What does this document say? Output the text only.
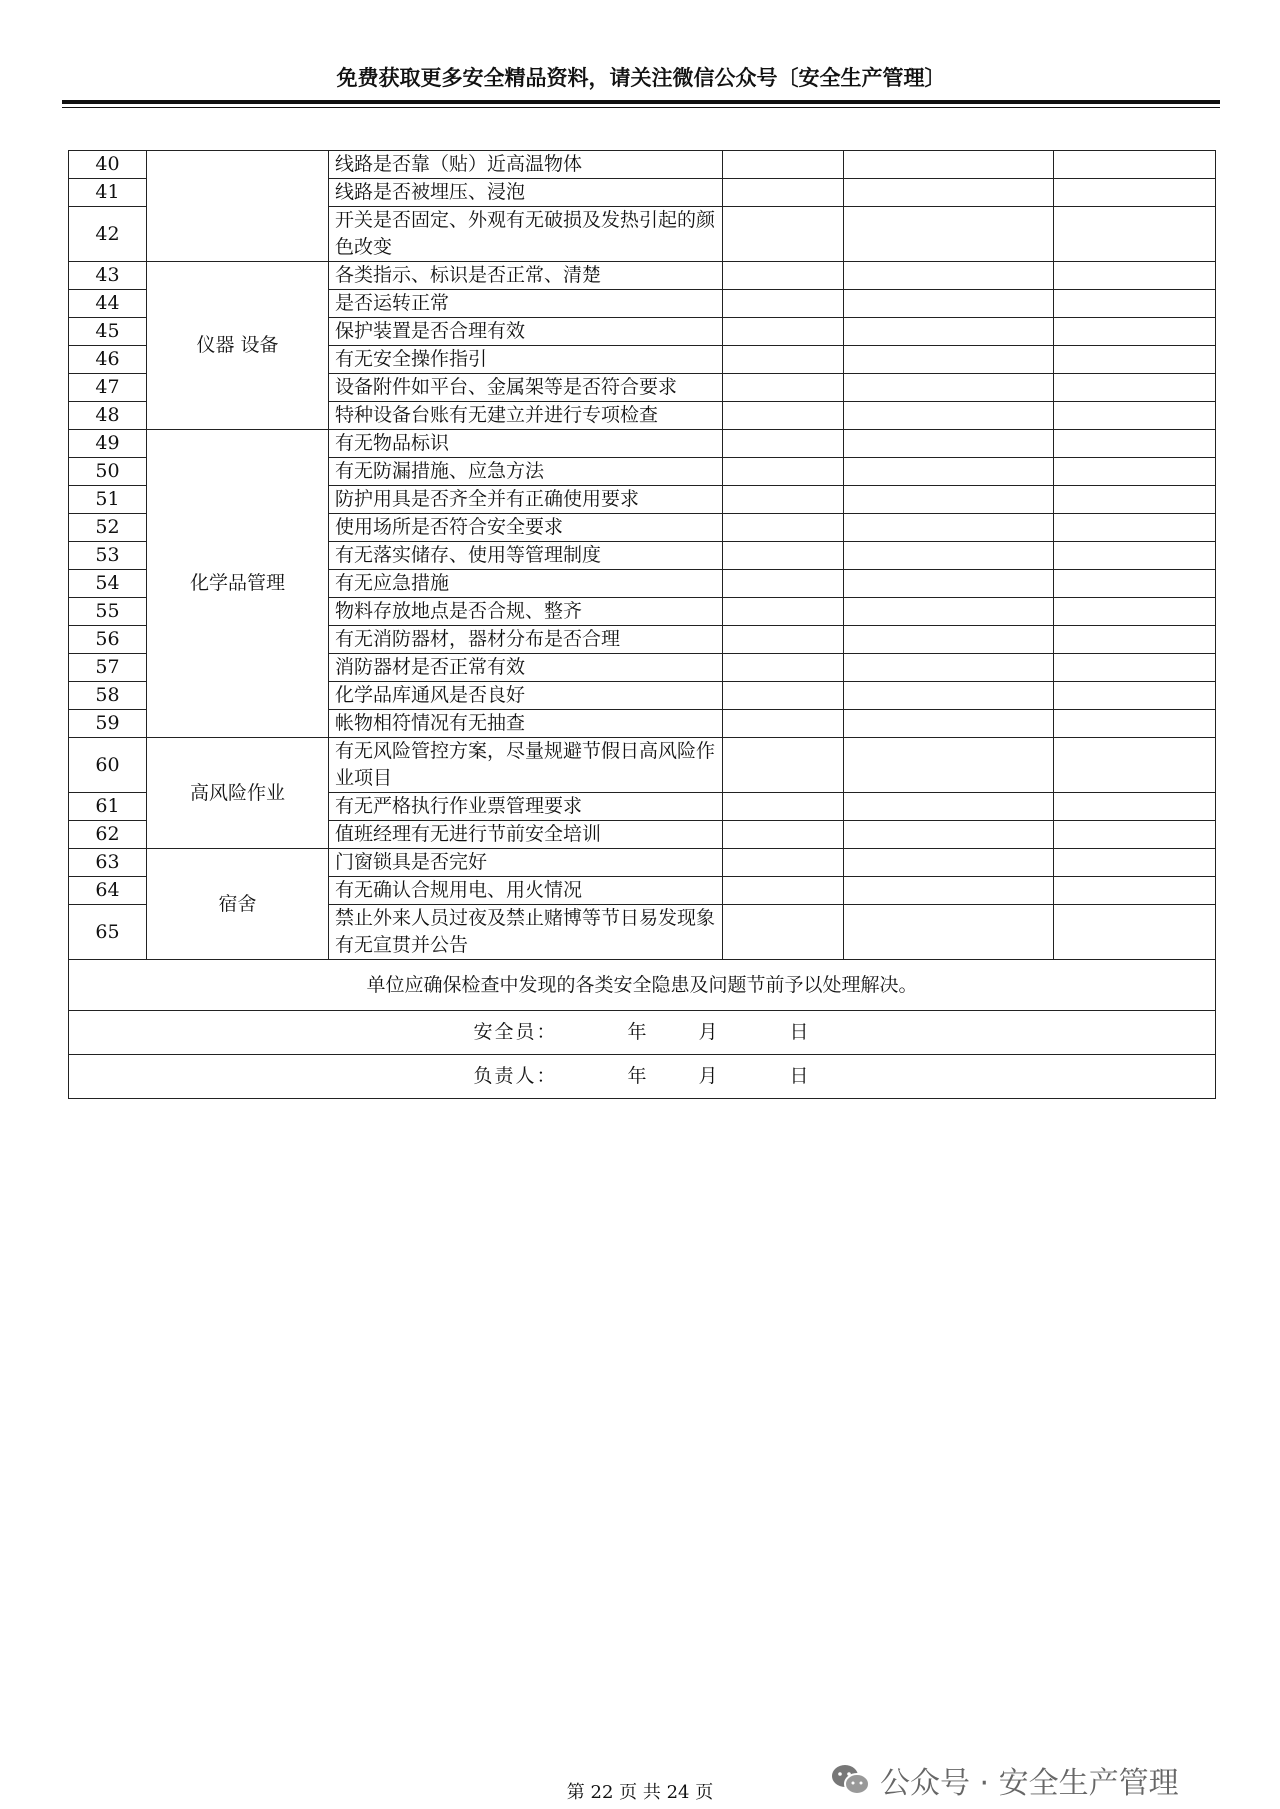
免费获取更多安全精品资料，请关注微信公众号〔安全生产管理〕
40		线路是否靠（贴）近高温物体			
41		线路是否被埋压、浸泡			
42		开关是否固定、外观有无破损及发热引起的颜色改变			
43	仪器 设备	各类指示、标识是否正常、清楚			
44		是否运转正常			
45		保护装置是否合理有效			
46		有无安全操作指引			
47		设备附件如平台、金属架等是否符合要求			
48		特种设备台账有无建立并进行专项检查			
49	化学品管理	有无物品标识			
50		有无防漏措施、应急方法			
51		防护用具是否齐全并有正确使用要求			
52		使用场所是否符合安全要求			
53		有无落实储存、使用等管理制度			
54		有无应急措施			
55		物料存放地点是否合规、整齐			
56		有无消防器材，器材分布是否合理			
57		消防器材是否正常有效			
58		化学品库通风是否良好			
59		帐物相符情况有无抽查			
60	高风险作业	有无风险管控方案，尽量规避节假日高风险作业项目			
61		有无严格执行作业票管理要求			
62		值班经理有无进行节前安全培训			
63	宿舍	门窗锁具是否完好			
64		有无确认合规用电、用火情况			
65		禁止外来人员过夜及禁止赌博等节日易发现象有无宣贯并公告			
单位应确保检查中发现的各类安全隐患及问题节前予以处理解决。					
安全员： 年 月 日					
负责人： 年 月 日					
第 22 页 共 24 页	公众号 · 安全生产管理
